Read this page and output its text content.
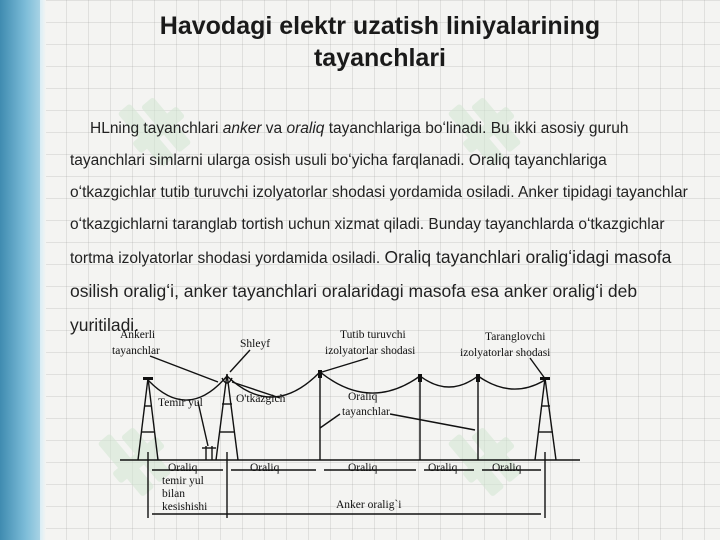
Havodagi elektr uzatish liniyalarining
tayanchlari
HLning tayanchlari anker va oraliq tayanchlariga boʻlinadi. Bu ikki asosiy guruh tayanchlari simlarni ularga osish usuli boʻyicha farqlanadi. Oraliq tayanchlariga oʻtkazgichlar tutib turuvchi izolyatorlar shodasi yordamida osiladi. Anker tipidagi tayanchlar oʻtkazgichlarni taranglab tortish uchun xizmat qiladi. Bunday tayanchlarda oʻtkazgichlar tortma izolyatorlar shodasi yordamida osiladi. Oraliq tayanchlari oraligʻidagi masofa osilish oraligʻi, anker tayanchlari oralaridagi masofa esa anker oraligʻi deb yuritiladi.
Ankerli
tayanchlar
Shleyf
Tutib turuvchi
izolyatorlar shodasi
Taranglovchi
izolyatorlar shodasi
Temir yul	O'tkazgich	Oraliq
tayanchlar
Oraliq	Oraliq	Oraliq	Oraliq	Oraliq
temir yul
bilan
kesishishi	Anker oralig`i
